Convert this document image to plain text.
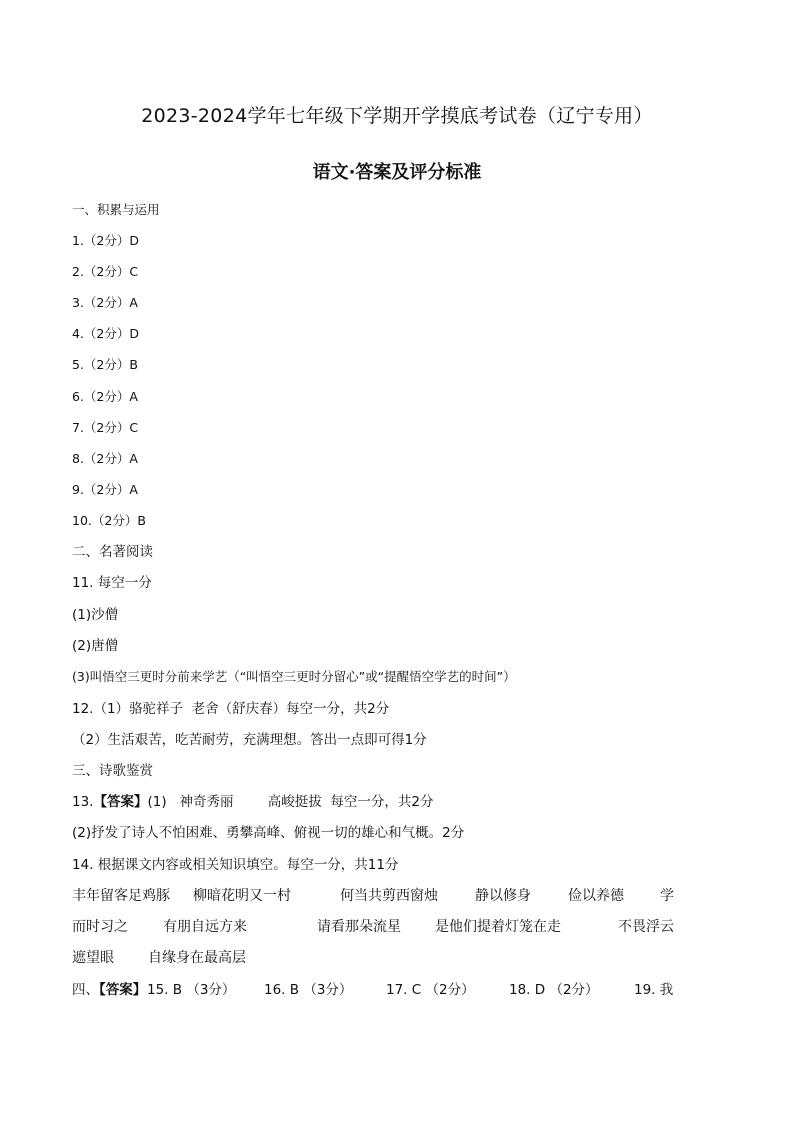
2023-2024学年七年级下学期开学摸底考试卷（辽宁专用）
语文·答案及评分标准
一、积累与运用
1.（2分）D
2.（2分）C
3.（2分）A
4.（2分）D
5.（2分）B
6.（2分）A
7.（2分）C
8.（2分）A
9.（2分）A
10.（2分）B
二、名著阅读
11. 每空一分
(1)沙僧
(2)唐僧
(3)叫悟空三更时分前来学艺（“叫悟空三更时分留心”或“提醒悟空学艺的时间”）
12.（1）骆驼祥子  老舍（舒庆春）每空一分，共2分
（2）生活艰苦，吃苦耐劳，充满理想。答出一点即可得1分
三、诗歌鉴赏
13.【答案】(1)   神奇秀丽        高峻挺拔  每空一分，共2分
(2)抒发了诗人不怕困难、勇攀高峰、俯视一切的雄心和气概。2分
14. 根据课文内容或相关知识填空。每空一分，共11分
丰年留客足鸡豚 柳暗花明又一村	何当共剪西窗烛	静以修身	俭以养德	学
而时习之	有朋自远方来	请看那朵流星 是他们提着灯笼在走	不畏浮云
遮望眼 自缘身在最高层
四、【答案】 15. B （3分） 16. B （3分） 17. C （2分）	18. D （2分）	19. 我
